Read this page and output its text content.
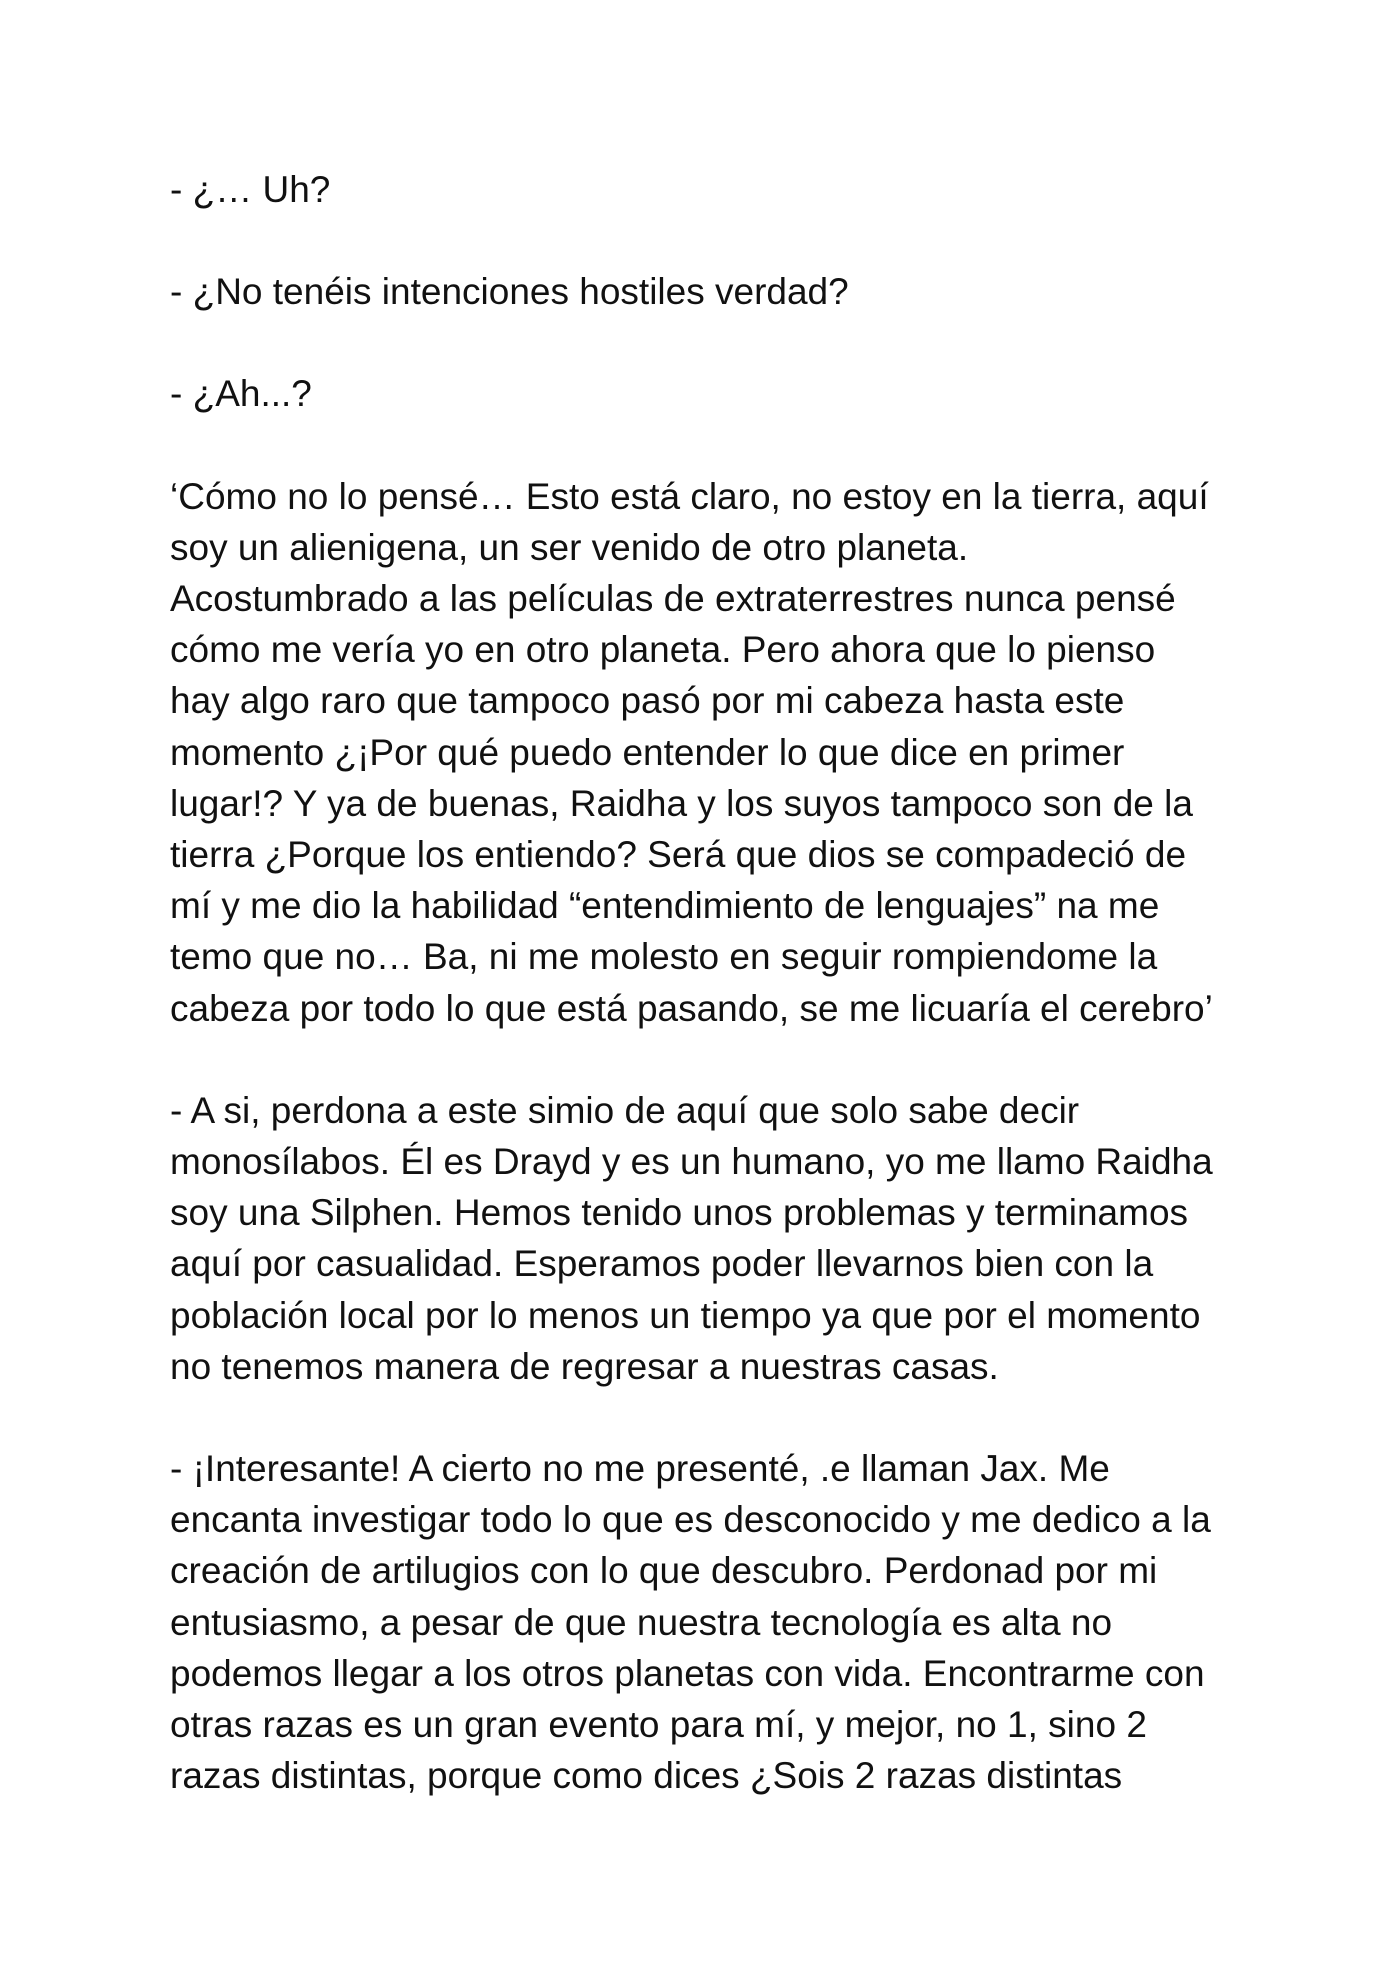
- ¿… Uh?

- ¿No tenéis intenciones hostiles verdad?

- ¿Ah...?

‘Cómo no lo pensé… Esto está claro, no estoy en la tierra, aquí
soy un alienigena, un ser venido de otro planeta.
Acostumbrado a las películas de extraterrestres nunca pensé
cómo me vería yo en otro planeta. Pero ahora que lo pienso
hay algo raro que tampoco pasó por mi cabeza hasta este
momento ¿¡Por qué puedo entender lo que dice en primer
lugar!? Y ya de buenas, Raidha y los suyos tampoco son de la
tierra ¿Porque los entiendo? Será que dios se compadeció de
mí y me dio la habilidad “entendimiento de lenguajes” na me
temo que no… Ba, ni me molesto en seguir rompiendome la
cabeza por todo lo que está pasando, se me licuaría el cerebro’

- A si, perdona a este simio de aquí que solo sabe decir
monosílabos. Él es Drayd y es un humano, yo me llamo Raidha
soy una Silphen. Hemos tenido unos problemas y terminamos
aquí por casualidad. Esperamos poder llevarnos bien con la
población local por lo menos un tiempo ya que por el momento
no tenemos manera de regresar a nuestras casas.

- ¡Interesante! A cierto no me presenté, .e llaman Jax. Me
encanta investigar todo lo que es desconocido y me dedico a la
creación de artilugios con lo que descubro. Perdonad por mi
entusiasmo, a pesar de que nuestra tecnología es alta no
podemos llegar a los otros planetas con vida. Encontrarme con
otras razas es un gran evento para mí, y mejor, no 1, sino 2
razas distintas, porque como dices ¿Sois 2 razas distintas
